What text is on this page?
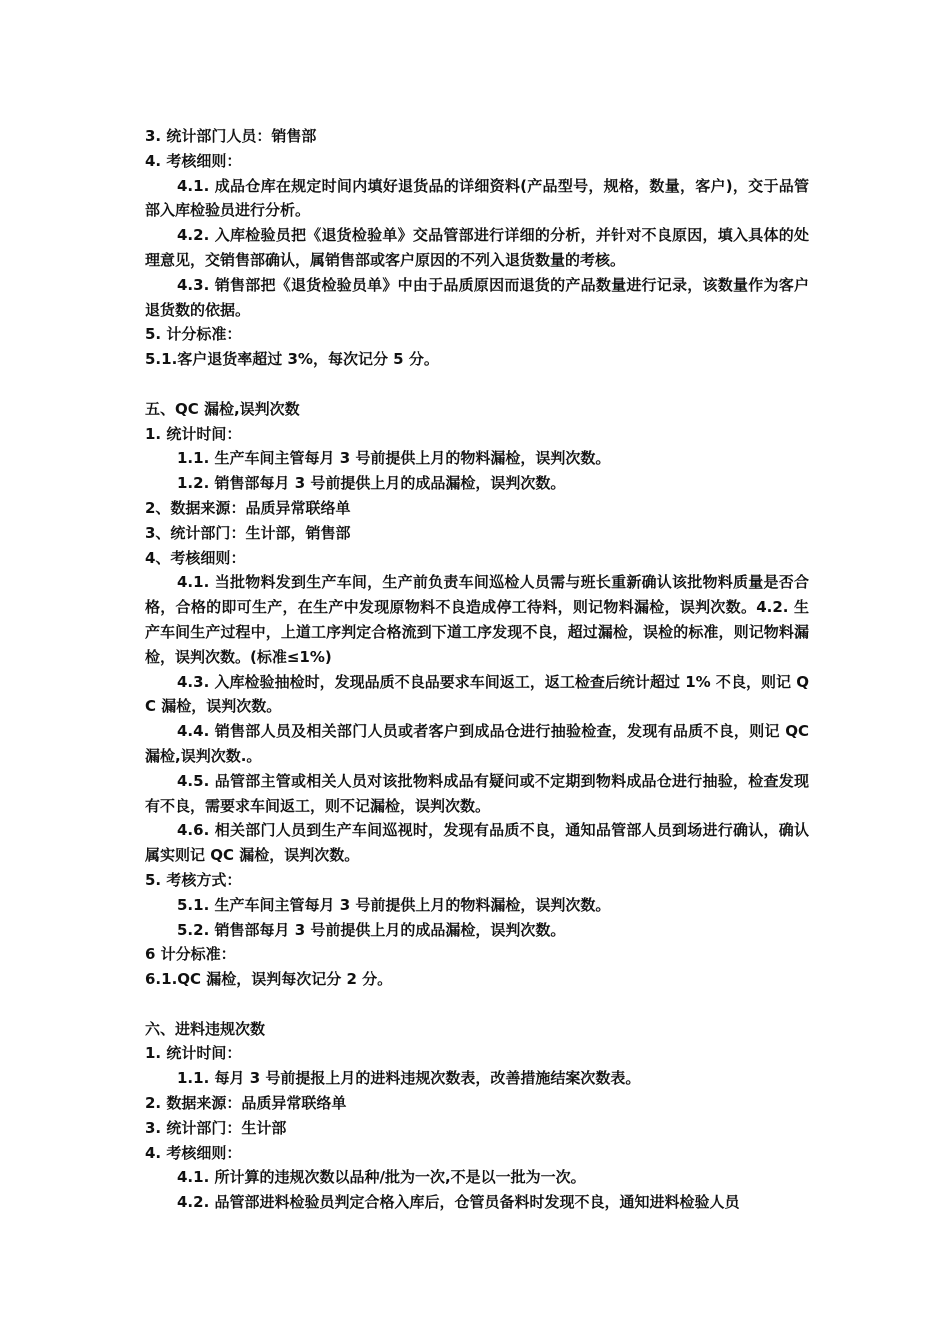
3. 统计部门人员：销售部

4. 考核细则：

4.1. 成品仓库在规定时间内填好退货品的详细资料(产品型号，规格，数量，客户)，交于品管部入库检验员进行分析。

4.2. 入库检验员把《退货检验单》交品管部进行详细的分析，并针对不良原因，填入具体的处理意见，交销售部确认，属销售部或客户原因的不列入退货数量的考核。

4.3. 销售部把《退货检验员单》中由于品质原因而退货的产品数量进行记录，该数量作为客户退货数的依据。

5. 计分标准：

5.1.客户退货率超过 3%，每次记分 5 分。

五、QC 漏检,误判次数

1. 统计时间：

1.1. 生产车间主管每月 3 号前提供上月的物料漏检，误判次数。

1.2. 销售部每月 3 号前提供上月的成品漏检，误判次数。

2、数据来源：品质异常联络单

3、统计部门：生计部，销售部

4、考核细则：

4.1. 当批物料发到生产车间，生产前负责车间巡检人员需与班长重新确认该批物料质量是否合格，合格的即可生产，在生产中发现原物料不良造成停工待料，则记物料漏检，误判次数。4.2. 生产车间生产过程中，上道工序判定合格流到下道工序发现不良，超过漏检，误检的标准，则记物料漏检，误判次数。(标准≤1%)

4.3. 入库检验抽检时，发现品质不良品要求车间返工，返工检查后统计超过 1% 不良，则记 QC 漏检，误判次数。

4.4. 销售部人员及相关部门人员或者客户到成品仓进行抽验检查，发现有品质不良，则记 QC 漏检,误判次数.。

4.5. 品管部主管或相关人员对该批物料成品有疑问或不定期到物料成品仓进行抽验，检查发现有不良，需要求车间返工，则不记漏检，误判次数。

4.6. 相关部门人员到生产车间巡视时，发现有品质不良，通知品管部人员到场进行确认，确认属实则记 QC 漏检，误判次数。

5. 考核方式：

5.1. 生产车间主管每月 3 号前提供上月的物料漏检，误判次数。

5.2. 销售部每月 3 号前提供上月的成品漏检，误判次数。

6 计分标准：

6.1.QC 漏检，误判每次记分 2 分。

六、进料违规次数

1. 统计时间：

1.1. 每月 3 号前提报上月的进料违规次数表，改善措施结案次数表。

2. 数据来源：品质异常联络单

3. 统计部门：生计部

4. 考核细则：

4.1. 所计算的违规次数以品种/批为一次,不是以一批为一次。

4.2. 品管部进料检验员判定合格入库后，仓管员备料时发现不良，通知进料检验人员
